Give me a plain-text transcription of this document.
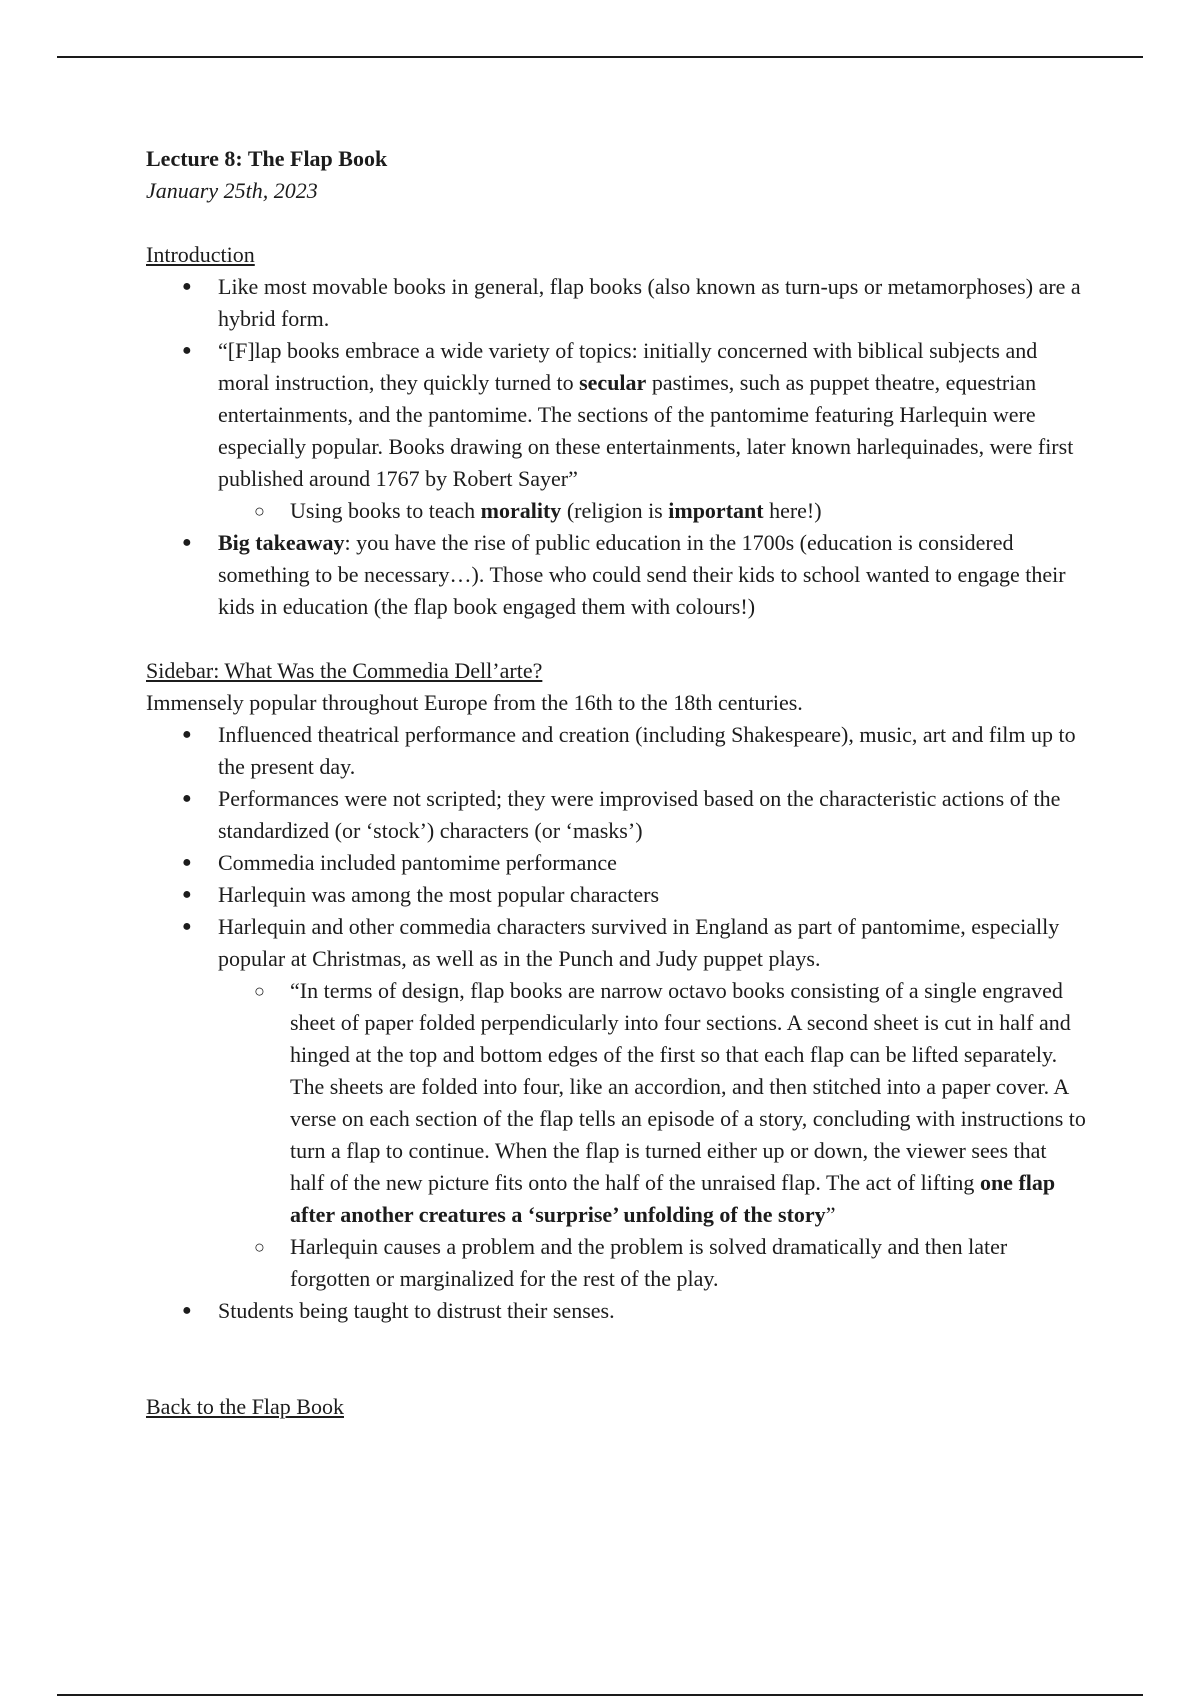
Lecture 8: The Flap Book
January 25th, 2023
Introduction
● Like most movable books in general, flap books (also known as turn-ups or metamorphoses) are a hybrid form.
● “[F]lap books embrace a wide variety of topics: initially concerned with biblical subjects and moral instruction, they quickly turned to secular pastimes, such as puppet theatre, equestrian entertainments, and the pantomime. The sections of the pantomime featuring Harlequin were especially popular. Books drawing on these entertainments, later known harlequinades, were first published around 1767 by Robert Sayer”
○ Using books to teach morality (religion is important here!)
● Big takeaway: you have the rise of public education in the 1700s (education is considered something to be necessary…). Those who could send their kids to school wanted to engage their kids in education (the flap book engaged them with colours!)
Sidebar: What Was the Commedia Dell’arte?
Immensely popular throughout Europe from the 16th to the 18th centuries.
● Influenced theatrical performance and creation (including Shakespeare), music, art and film up to the present day.
● Performances were not scripted; they were improvised based on the characteristic actions of the standardized (or ‘stock’) characters (or ‘masks’)
● Commedia included pantomime performance
● Harlequin was among the most popular characters
● Harlequin and other commedia characters survived in England as part of pantomime, especially popular at Christmas, as well as in the Punch and Judy puppet plays.
○ “In terms of design, flap books are narrow octavo books consisting of a single engraved sheet of paper folded perpendicularly into four sections. A second sheet is cut in half and hinged at the top and bottom edges of the first so that each flap can be lifted separately. The sheets are folded into four, like an accordion, and then stitched into a paper cover. A verse on each section of the flap tells an episode of a story, concluding with instructions to turn a flap to continue. When the flap is turned either up or down, the viewer sees that half of the new picture fits onto the half of the unraised flap. The act of lifting one flap after another creatures a ‘surprise’ unfolding of the story”
○ Harlequin causes a problem and the problem is solved dramatically and then later forgotten or marginalized for the rest of the play.
● Students being taught to distrust their senses.
Back to the Flap Book
